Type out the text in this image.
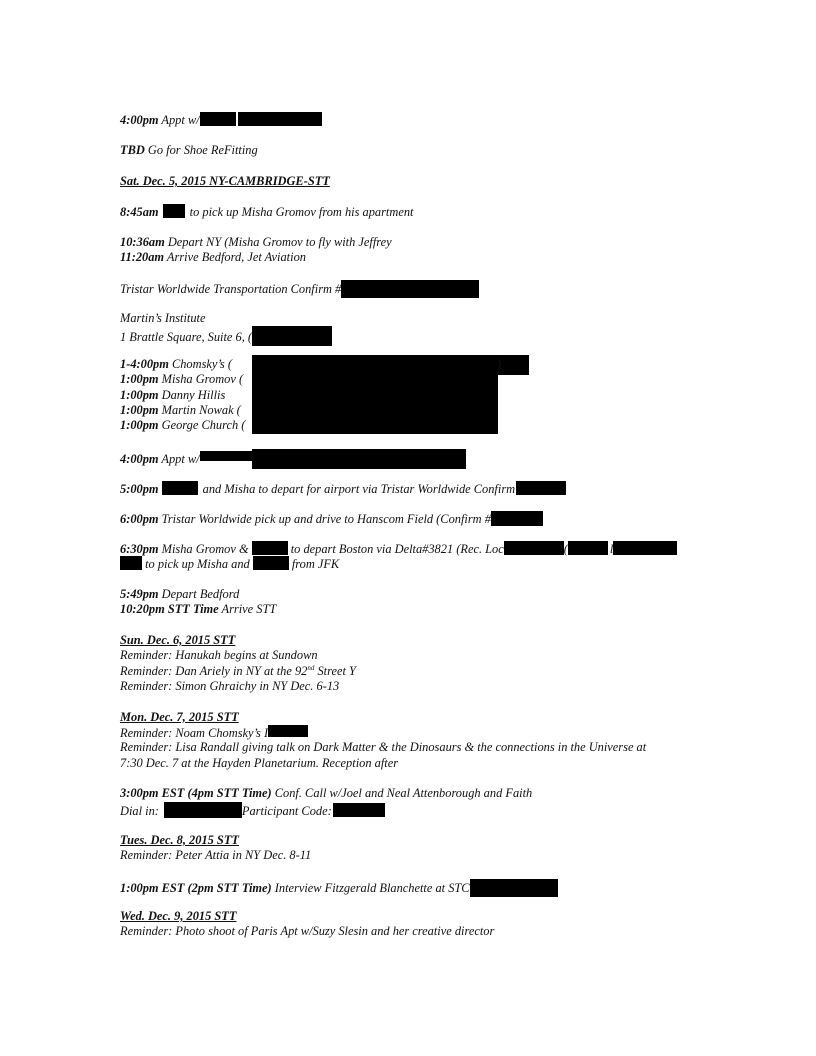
4:00pm Appt w/
TBD Go for Shoe ReFitting
Sat. Dec. 5, 2015 NY-CAMBRIDGE-STT
8:45am to pick up Misha Gromov from his apartment
10:36am Depart NY (Misha Gromov to fly with Jeffrey
11:20am Arrive Bedford, Jet Aviation
Tristar Worldwide Transportation Confirm #
Martin’s Institute
1 Brattle Square, Suite 6, (
1-4:00pm Chomsky’s (	)
1:00pm Misha Gromov (
1:00pm Danny Hillis
1:00pm Martin Nowak (
1:00pm George Church (
4:00pm Appt w/
5:00pm	and Misha to depart for airport via Tristar Worldwide Confirm
6:00pm Tristar Worldwide pick up and drive to Hanscom Field (Confirm #
6:30pm Misha Gromov &	to depart Boston via Delta#3821 (Rec. Loc	(	l
to pick up Misha and	from JFK
5:49pm Depart Bedford
10:20pm STT Time Arrive STT
Sun. Dec. 6, 2015 STT
Reminder: Hanukah begins at Sundown
Reminder: Dan Ariely in NY at the 92nd Street Y
Reminder: Simon Ghraichy in NY Dec. 6-13
Mon. Dec. 7, 2015 STT
Reminder: Noam Chomsky’s I
Reminder: Lisa Randall giving talk on Dark Matter & the Dinosaurs & the connections in the Universe at
7:30 Dec. 7 at the Hayden Planetarium. Reception after
3:00pm EST (4pm STT Time) Conf. Call w/Joel and Neal Attenborough and Faith
Dial in:	Participant Code:
Tues. Dec. 8, 2015 STT
Reminder: Peter Attia in NY Dec. 8-11
1:00pm EST (2pm STT Time) Interview Fitzgerald Blanchette at STC
Wed. Dec. 9, 2015 STT
Reminder: Photo shoot of Paris Apt w/Suzy Slesin and her creative director
